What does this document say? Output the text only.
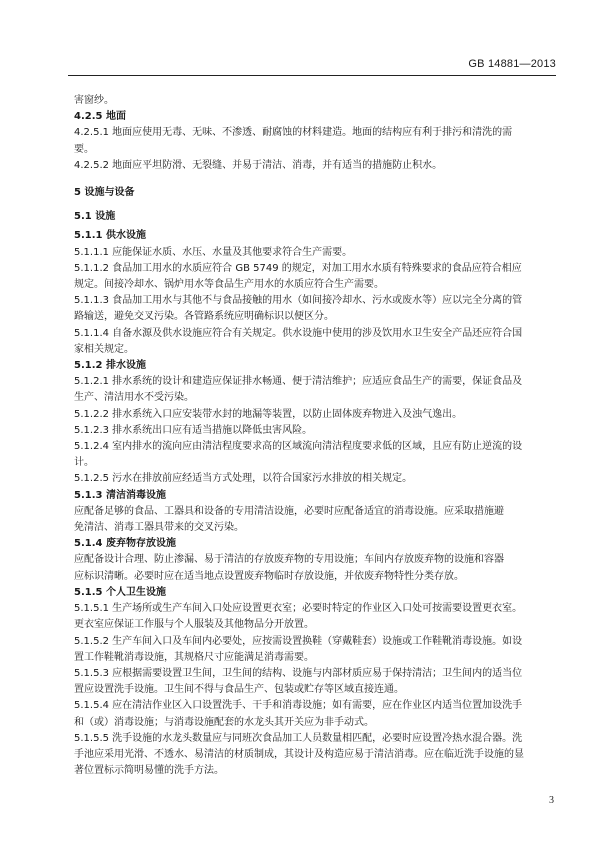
GB 14881—2013
害窗纱。
4.2.5 地面
4.2.5.1 地面应使用无毒、无味、不渗透、耐腐蚀的材料建造。地面的结构应有利于排污和清洗的需
要。
4.2.5.2 地面应平坦防滑、无裂缝、并易于清洁、消毒，并有适当的措施防止积水。
5 设施与设备
5.1 设施
5.1.1 供水设施
5.1.1.1 应能保证水质、水压、水量及其他要求符合生产需要。
5.1.1.2 食品加工用水的水质应符合 GB 5749 的规定，对加工用水水质有特殊要求的食品应符合相应
规定。间接冷却水、锅炉用水等食品生产用水的水质应符合生产需要。
5.1.1.3 食品加工用水与其他不与食品接触的用水（如间接冷却水、污水或废水等）应以完全分离的管
路输送，避免交叉污染。各管路系统应明确标识以便区分。
5.1.1.4 自备水源及供水设施应符合有关规定。供水设施中使用的涉及饮用水卫生安全产品还应符合国
家相关规定。
5.1.2 排水设施
5.1.2.1 排水系统的设计和建造应保证排水畅通、便于清洁维护；应适应食品生产的需要，保证食品及
生产、清洁用水不受污染。
5.1.2.2 排水系统入口应安装带水封的地漏等装置，以防止固体废弃物进入及浊气逸出。
5.1.2.3 排水系统出口应有适当措施以降低虫害风险。
5.1.2.4 室内排水的流向应由清洁程度要求高的区域流向清洁程度要求低的区域，且应有防止逆流的设
计。
5.1.2.5 污水在排放前应经适当方式处理，以符合国家污水排放的相关规定。
5.1.3 清洁消毒设施
应配备足够的食品、工器具和设备的专用清洁设施，必要时应配备适宜的消毒设施。应采取措施避
免清洁、消毒工器具带来的交叉污染。
5.1.4 废弃物存放设施
应配备设计合理、防止渗漏、易于清洁的存放废弃物的专用设施；车间内存放废弃物的设施和容器
应标识清晰。必要时应在适当地点设置废弃物临时存放设施，并依废弃物特性分类存放。
5.1.5 个人卫生设施
5.1.5.1 生产场所或生产车间入口处应设置更衣室；必要时特定的作业区入口处可按需要设置更衣室。
更衣室应保证工作服与个人服装及其他物品分开放置。
5.1.5.2 生产车间入口及车间内必要处，应按需设置换鞋（穿戴鞋套）设施或工作鞋靴消毒设施。如设
置工作鞋靴消毒设施，其规格尺寸应能满足消毒需要。
5.1.5.3 应根据需要设置卫生间，卫生间的结构、设施与内部材质应易于保持清洁；卫生间内的适当位
置应设置洗手设施。卫生间不得与食品生产、包装或贮存等区域直接连通。
5.1.5.4 应在清洁作业区入口设置洗手、干手和消毒设施；如有需要，应在作业区内适当位置加设洗手
和（或）消毒设施；与消毒设施配套的水龙头其开关应为非手动式。
5.1.5.5 洗手设施的水龙头数量应与同班次食品加工人员数量相匹配，必要时应设置冷热水混合器。洗
手池应采用光滑、不透水、易清洁的材质制成，其设计及构造应易于清洁消毒。应在临近洗手设施的显
著位置标示简明易懂的洗手方法。
3
